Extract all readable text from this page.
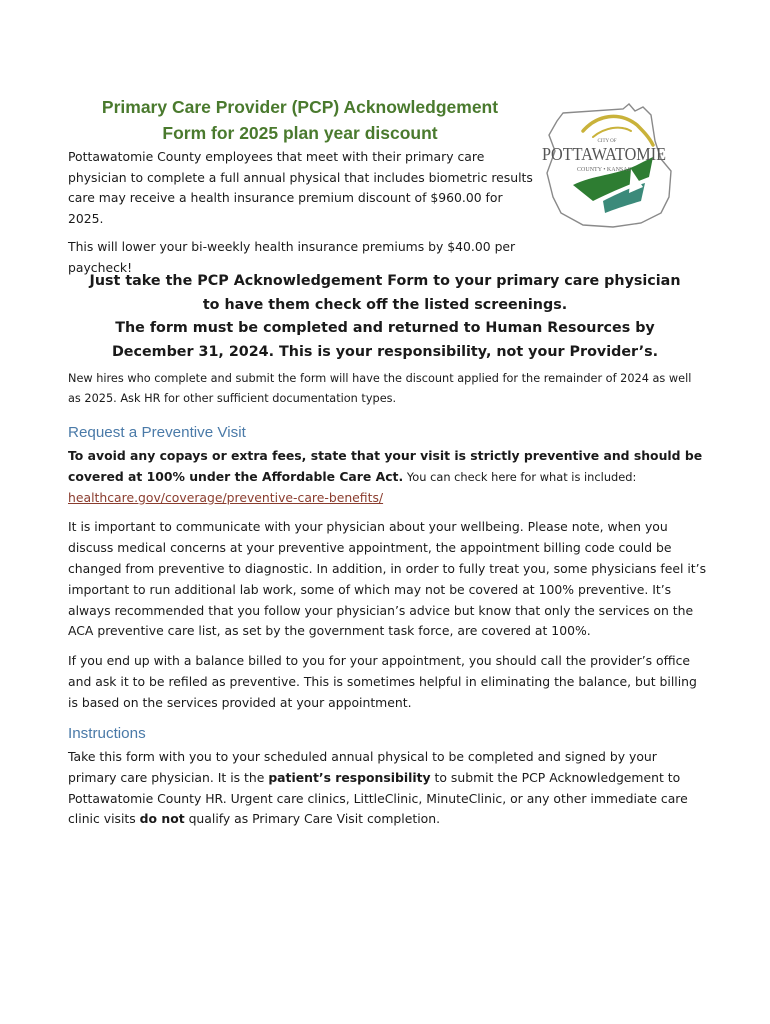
Primary Care Provider (PCP) Acknowledgement
Form for 2025 plan year discount	CITY OF
POTTAWATOMIE
COUNTY • KANSAS

Pottawatomie County employees that meet with their primary care physician to complete a full annual physical that includes biometric results care may receive a health insurance premium discount of $960.00 for 2025.

This will lower your bi-weekly health insurance premiums by $40.00 per paycheck!

Just take the PCP Acknowledgement Form to your primary care physician
to have them check off the listed screenings.
The form must be completed and returned to Human Resources by
December 31, 2024. This is your responsibility, not your Provider’s.
New hires who complete and submit the form will have the discount applied for the remainder of 2024 as well as 2025. Ask HR for other sufficient documentation types.
Request a Preventive Visit

To avoid any copays or extra fees, state that your visit is strictly preventive and should be covered at 100% under the Affordable Care Act. You can check here for what is included:
healthcare.gov/coverage/preventive-care-benefits/

It is important to communicate with your physician about your wellbeing. Please note, when you discuss medical concerns at your preventive appointment, the appointment billing code could be changed from preventive to diagnostic. In addition, in order to fully treat you, some physicians feel it’s important to run additional lab work, some of which may not be covered at 100% preventive. It’s always recommended that you follow your physician’s advice but know that only the services on the ACA preventive care list, as set by the government task force, are covered at 100%.

If you end up with a balance billed to you for your appointment, you should call the provider’s office and ask it to be refiled as preventive. This is sometimes helpful in eliminating the balance, but billing is based on the services provided at your appointment.

Instructions

Take this form with you to your scheduled annual physical to be completed and signed by your primary care physician. It is the patient’s responsibility to submit the PCP Acknowledgement to Pottawatomie County HR. Urgent care clinics, LittleClinic, MinuteClinic, or any other immediate care clinic visits do not qualify as Primary Care Visit completion.
